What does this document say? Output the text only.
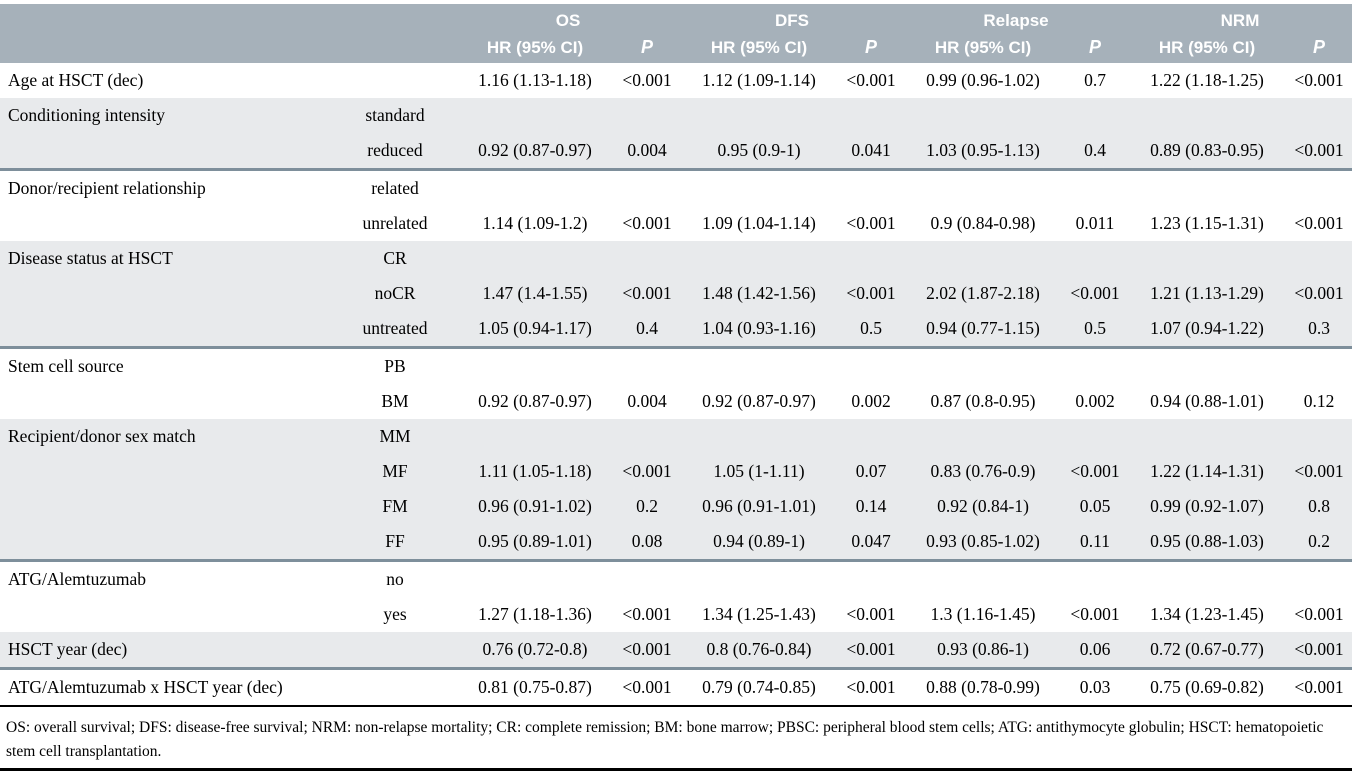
		OS		DFS		Relapse		NRM	
		HR (95% CI)	P	HR (95% CI)	P	HR (95% CI)	P	HR (95% CI)	P
Age at HSCT (dec)		1.16 (1.13-1.18)	<0.001	1.12 (1.09-1.14)	<0.001	0.99 (0.96-1.02)	0.7	1.22 (1.18-1.25)	<0.001
Conditioning intensity	standard								
	reduced	0.92 (0.87-0.97)	0.004	0.95 (0.9-1)	0.041	1.03 (0.95-1.13)	0.4	0.89 (0.83-0.95)	<0.001
Donor/recipient relationship	related								
	unrelated	1.14 (1.09-1.2)	<0.001	1.09 (1.04-1.14)	<0.001	0.9 (0.84-0.98)	0.011	1.23 (1.15-1.31)	<0.001
Disease status at HSCT	CR								
	noCR	1.47 (1.4-1.55)	<0.001	1.48 (1.42-1.56)	<0.001	2.02 (1.87-2.18)	<0.001	1.21 (1.13-1.29)	<0.001
	untreated	1.05 (0.94-1.17)	0.4	1.04 (0.93-1.16)	0.5	0.94 (0.77-1.15)	0.5	1.07 (0.94-1.22)	0.3
Stem cell source	PB								
	BM	0.92 (0.87-0.97)	0.004	0.92 (0.87-0.97)	0.002	0.87 (0.8-0.95)	0.002	0.94 (0.88-1.01)	0.12
Recipient/donor sex match	MM								
	MF	1.11 (1.05-1.18)	<0.001	1.05 (1-1.11)	0.07	0.83 (0.76-0.9)	<0.001	1.22 (1.14-1.31)	<0.001
	FM	0.96 (0.91-1.02)	0.2	0.96 (0.91-1.01)	0.14	0.92 (0.84-1)	0.05	0.99 (0.92-1.07)	0.8
	FF	0.95 (0.89-1.01)	0.08	0.94 (0.89-1)	0.047	0.93 (0.85-1.02)	0.11	0.95 (0.88-1.03)	0.2
ATG/Alemtuzumab	no								
	yes	1.27 (1.18-1.36)	<0.001	1.34 (1.25-1.43)	<0.001	1.3 (1.16-1.45)	<0.001	1.34 (1.23-1.45)	<0.001
HSCT year (dec)		0.76 (0.72-0.8)	<0.001	0.8 (0.76-0.84)	<0.001	0.93 (0.86-1)	0.06	0.72 (0.67-0.77)	<0.001
ATG/Alemtuzumab x HSCT year (dec)		0.81 (0.75-0.87)	<0.001	0.79 (0.74-0.85)	<0.001	0.88 (0.78-0.99)	0.03	0.75 (0.69-0.82)	<0.001
OS: overall survival; DFS: disease-free survival; NRM: non-relapse mortality; CR: complete remission; BM: bone marrow; PBSC: peripheral blood stem cells; ATG: antithymocyte globulin; HSCT: hematopoietic stem cell transplantation.
